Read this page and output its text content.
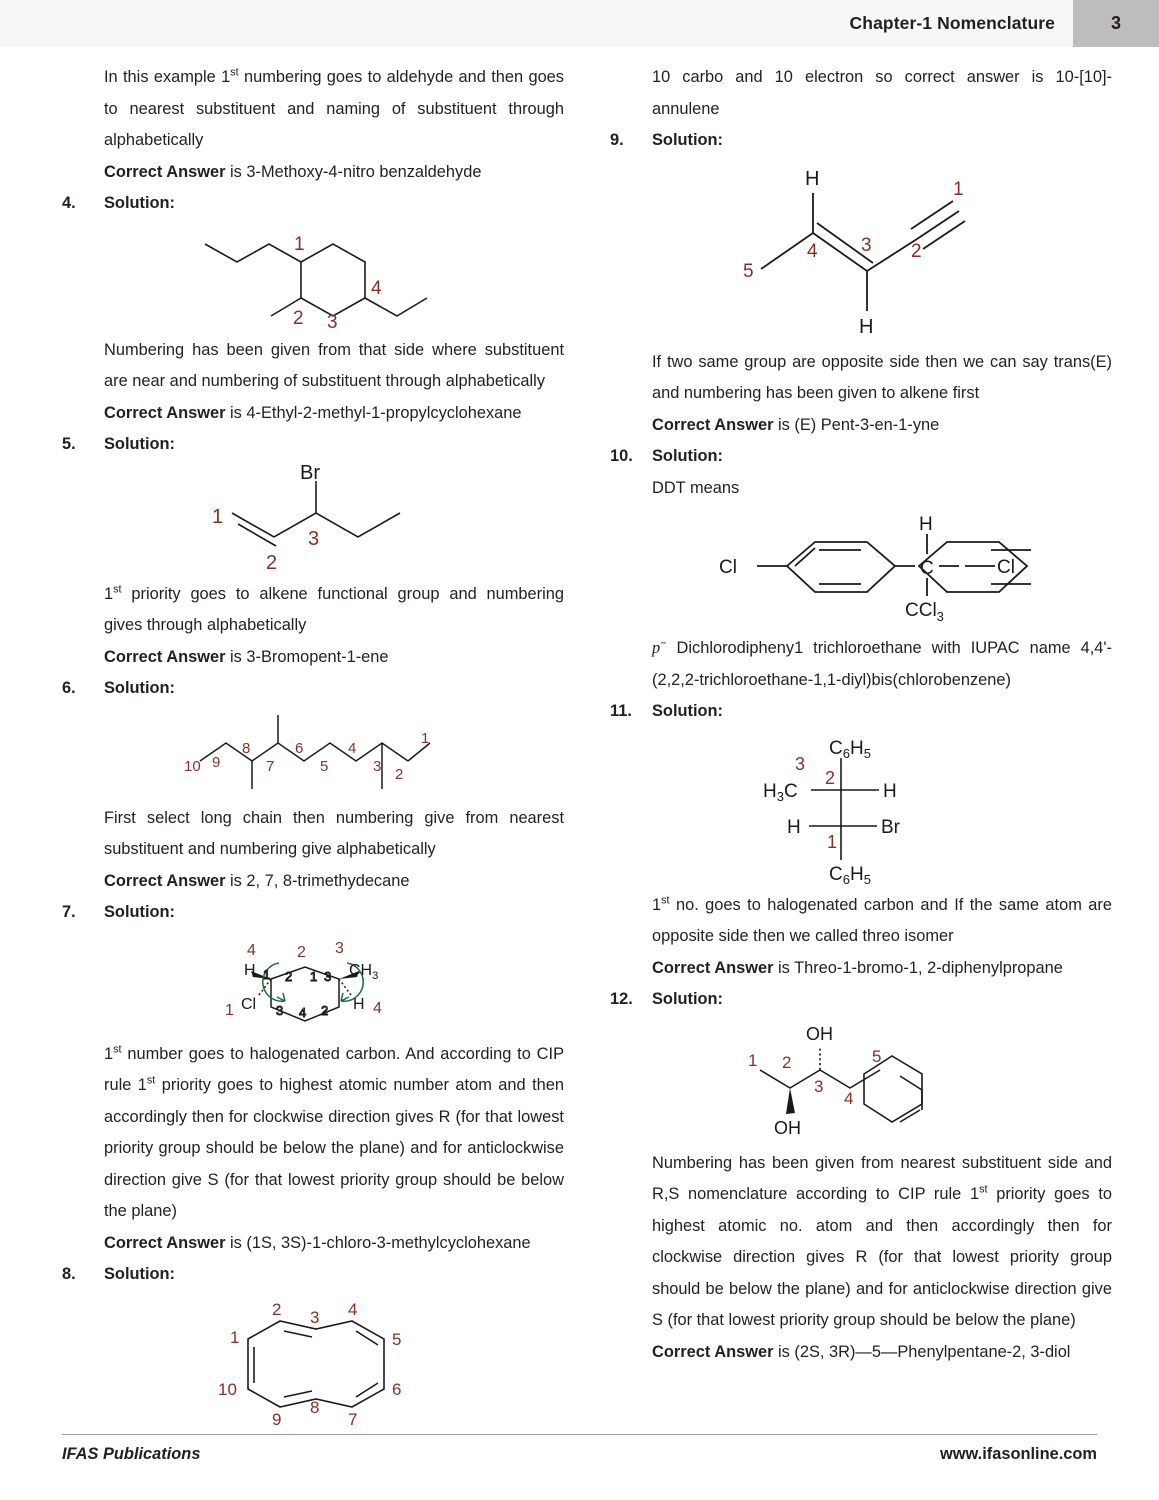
Chapter-1 Nomenclature	3

In this example 1st numbering goes to aldehyde and then goes to nearest substituent and naming of substituent through alphabetically

Correct Answer is 3-Methoxy-4-nitro benzaldehyde

4.	Solution:
1
2 3
4

Numbering has been given from that side where substituent are near and numbering of substituent through alphabetically

Correct Answer is 4-Ethyl-2-methyl-1-propylcyclohexane

5.	Solution:
Br
1
2
3

1st priority goes to alkene functional group and numbering gives through alphabetically

Correct Answer is 3-Bromopent-1-ene

6.	Solution:
10 9
8
7
6
5
4
3 2
1

First select long chain then numbering give from nearest substituent and numbering give alphabetically

Correct Answer is 2, 7, 8-trimethydecane

7.	Solution:
4
H
1 Cl
2 3
$CH_3$
H 4
1 2
3
1 3
2
4

1st number goes to halogenated carbon. And according to CIP rule 1st priority goes to highest atomic number atom and then accordingly then for clockwise direction gives R (for that lowest priority group should be below the plane) and for anticlockwise direction give S (for that lowest priority group should be below the plane)

Correct Answer is (1S, 3S)-1-chloro-3-methylcyclohexane

8.	Solution:
1
2 3 4
5
6
7
8
9
10

10 carbo and 10 electron so correct answer is 10-[10]-annulene

9.	Solution:
H
H
1
2
3
4
5

If two same group are opposite side then we can say trans(E) and numbering has been given to alkene first

Correct Answer is (E) Pent-3-en-1-yne

10.	Solution:

DDT means

Cl
H
C
CCl$_3$
Cl

p− Dichlorodipheny1 trichloroethane with IUPAC name 4,4'-(2,2,2-trichloroethane-1,1-diyl)bis(chlorobenzene)

11.	Solution:
$C_6H_5$
$C_6H_5$
$H_3C$	H
H	Br
3
2
1

1st no. goes to halogenated carbon and If the same atom are opposite side then we called threo isomer

Correct Answer is Threo-1-bromo-1, 2-diphenylpropane

12.	Solution:
OH
OH
1 2
3
4
5

Numbering has been given from nearest substituent side and R,S nomenclature according to CIP rule 1st priority goes to highest atomic no. atom and then accordingly then for clockwise direction gives R (for that lowest priority group should be below the plane) and for anticlockwise direction give S (for that lowest priority group should be below the plane)

Correct Answer is (2S, 3R)—5—Phenylpentane-2, 3-diol

IFAS Publications	www.ifasonline.com
